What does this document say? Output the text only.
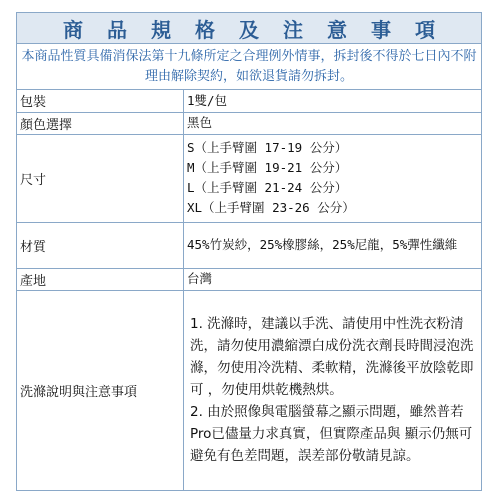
商品規格及注意事項
本商品性質具備消保法第十九條所定之合理例外情事，拆封後不得於七日內不附理由解除契約，如欲退貨請勿拆封。
包裝	1雙/包
顏色選擇	黑色
尺寸	S（上手臂圍 17-19 公分）
M（上手臂圍 19-21 公分）
L（上手臂圍 21-24 公分）
XL（上手臂圍 23-26 公分）

材質	45%竹炭紗，25%橡膠絲，25%尼龍，5%彈性纖維
產地	台灣
洗滌說明與注意事項	1. 洗滌時，建議以手洗、請使用中性洗衣粉清洗，請勿使用濃縮漂白成份洗衣劑長時間浸泡洗滌，勿使用冷洗精、柔軟精，洗滌後平放陰乾即可 ，勿使用烘乾機熱烘。
2. 由於照像與電腦螢幕之顯示問題，雖然普若Pro已儘量力求真實，但實際產品與 顯示仍無可避免有色差問題，誤差部份敬請見諒。
